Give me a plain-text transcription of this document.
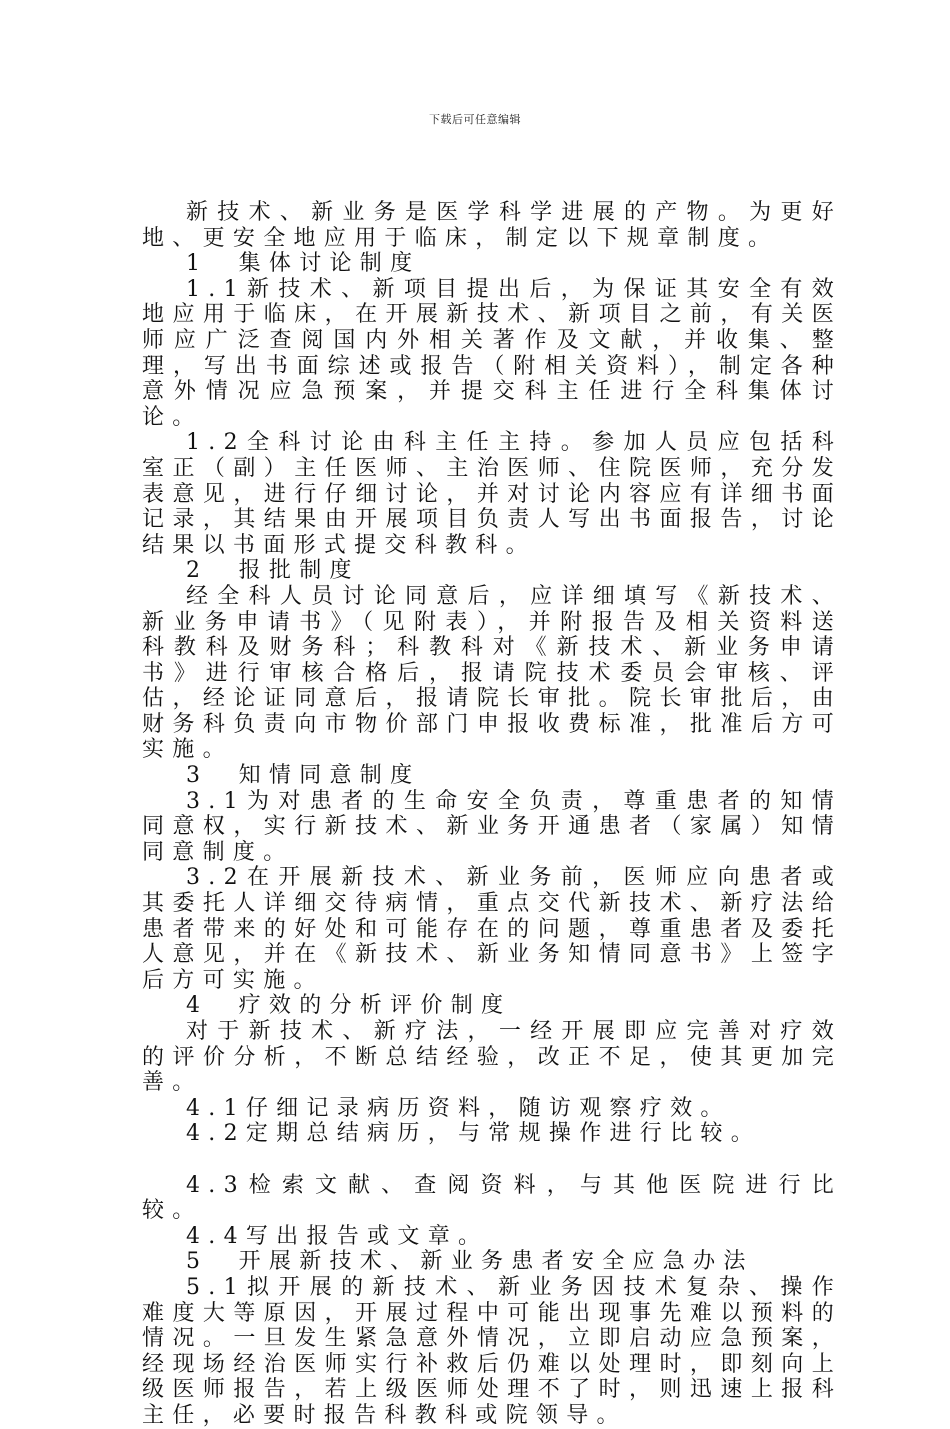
下载后可任意编辑

新技术、新业务是医学科学进展的产物。为更好地、更安全地应用于临床，制定以下规章制度。

1　集体讨论制度

1.1新技术、新项目提出后，为保证其安全有效地应用于临床，在开展新技术、新项目之前，有关医师应广泛查阅国内外相关著作及文献，并收集、整理，写出书面综述或报告（附相关资料），制定各种意外情况应急预案，并提交科主任进行全科集体讨论。

1.2全科讨论由科主任主持。参加人员应包括科室正（副）主任医师、主治医师、住院医师，充分发表意见，进行仔细讨论，并对讨论内容应有详细书面记录，其结果由开展项目负责人写出书面报告，讨论结果以书面形式提交科教科。

2　报批制度

经全科人员讨论同意后，应详细填写《新技术、新业务申请书》（见附表），并附报告及相关资料送科教科及财务科；科教科对《新技术、新业务申请书》进行审核合格后，报请院技术委员会审核、评估，经论证同意后，报请院长审批。院长审批后，由财务科负责向市物价部门申报收费标准，批准后方可实施。

3　知情同意制度

3.1为对患者的生命安全负责，尊重患者的知情同意权，实行新技术、新业务开通患者（家属）知情同意制度。

3.2在开展新技术、新业务前，医师应向患者或其委托人详细交待病情，重点交代新技术、新疗法给患者带来的好处和可能存在的问题，尊重患者及委托人意见，并在《新技术、新业务知情同意书》上签字后方可实施。

4　疗效的分析评价制度

对于新技术、新疗法，一经开展即应完善对疗效的评价分析，不断总结经验，改正不足，使其更加完善。

4.1仔细记录病历资料，随访观察疗效。

4.2定期总结病历，与常规操作进行比较。

4.3检索文献、查阅资料，与其他医院进行比较。

4.4写出报告或文章。

5　开展新技术、新业务患者安全应急办法

5.1拟开展的新技术、新业务因技术复杂、操作难度大等原因，开展过程中可能出现事先难以预料的情况。一旦发生紧急意外情况，立即启动应急预案，经现场经治医师实行补救后仍难以处理时，即刻向上级医师报告，若上级医师处理不了时，则迅速上报科主任，必要时报告科教科或院领导。
